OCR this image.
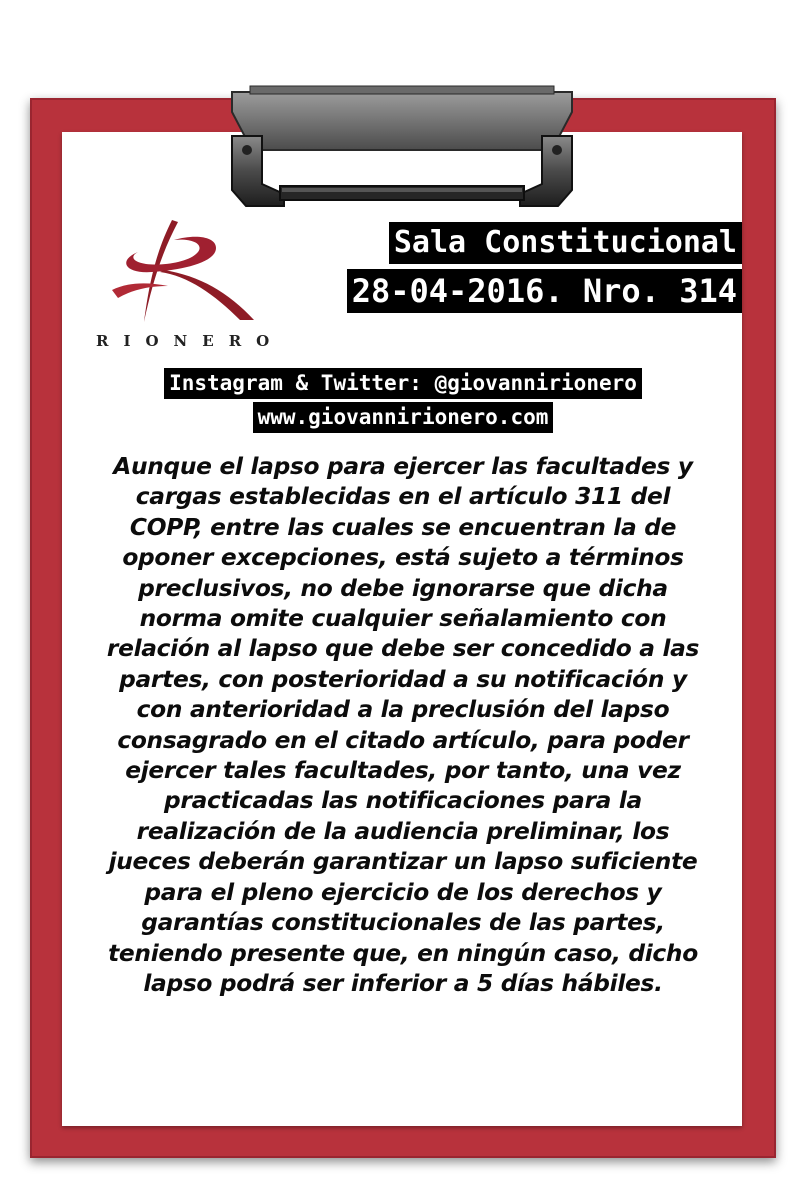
RIONERO
Sala Constitucional
28-04-2016. Nro. 314
Instagram & Twitter: @giovannirionero
www.giovannirionero.com
Aunque el lapso para ejercer las facultades y cargas establecidas en el artículo 311 del COPP, entre las cuales se encuentran la de oponer excepciones, está sujeto a términos preclusivos, no debe ignorarse que dicha norma omite cualquier señalamiento con relación al lapso que debe ser concedido a las partes, con posterioridad a su notificación y con anterioridad a la preclusión del lapso consagrado en el citado artículo, para poder ejercer tales facultades, por tanto, una vez practicadas las notificaciones para la realización de la audiencia preliminar, los jueces deberán garantizar un lapso suficiente para el pleno ejercicio de los derechos y garantías constitucionales de las partes, teniendo presente que, en ningún caso, dicho lapso podrá ser inferior a 5 días hábiles.
